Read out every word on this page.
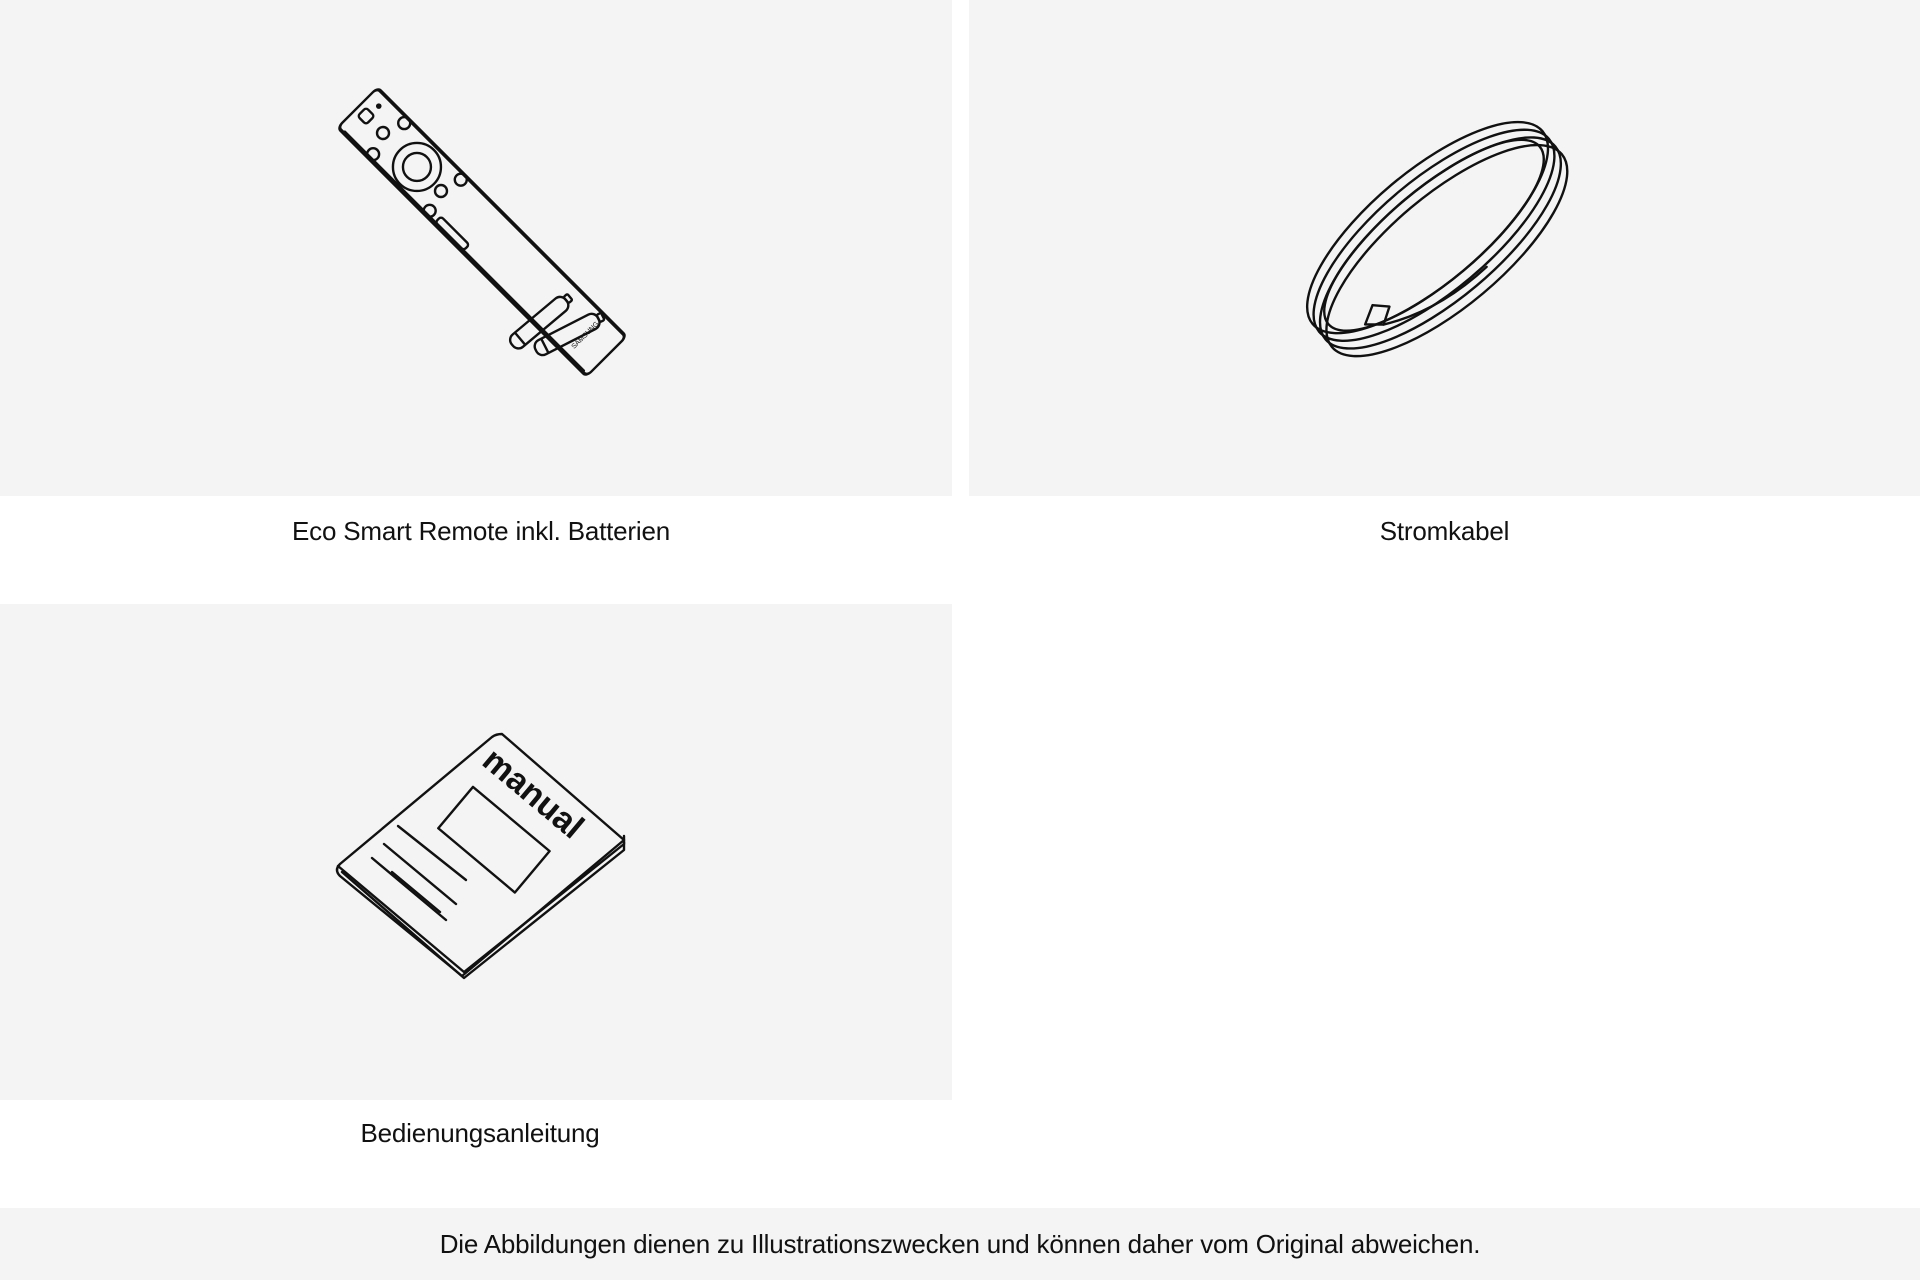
SAMSUNG
Eco Smart Remote inkl. Batterien	Stromkabel
manual
Bedienungsanleitung
Die Abbildungen dienen zu Illustrationszwecken und können daher vom Original abweichen.
